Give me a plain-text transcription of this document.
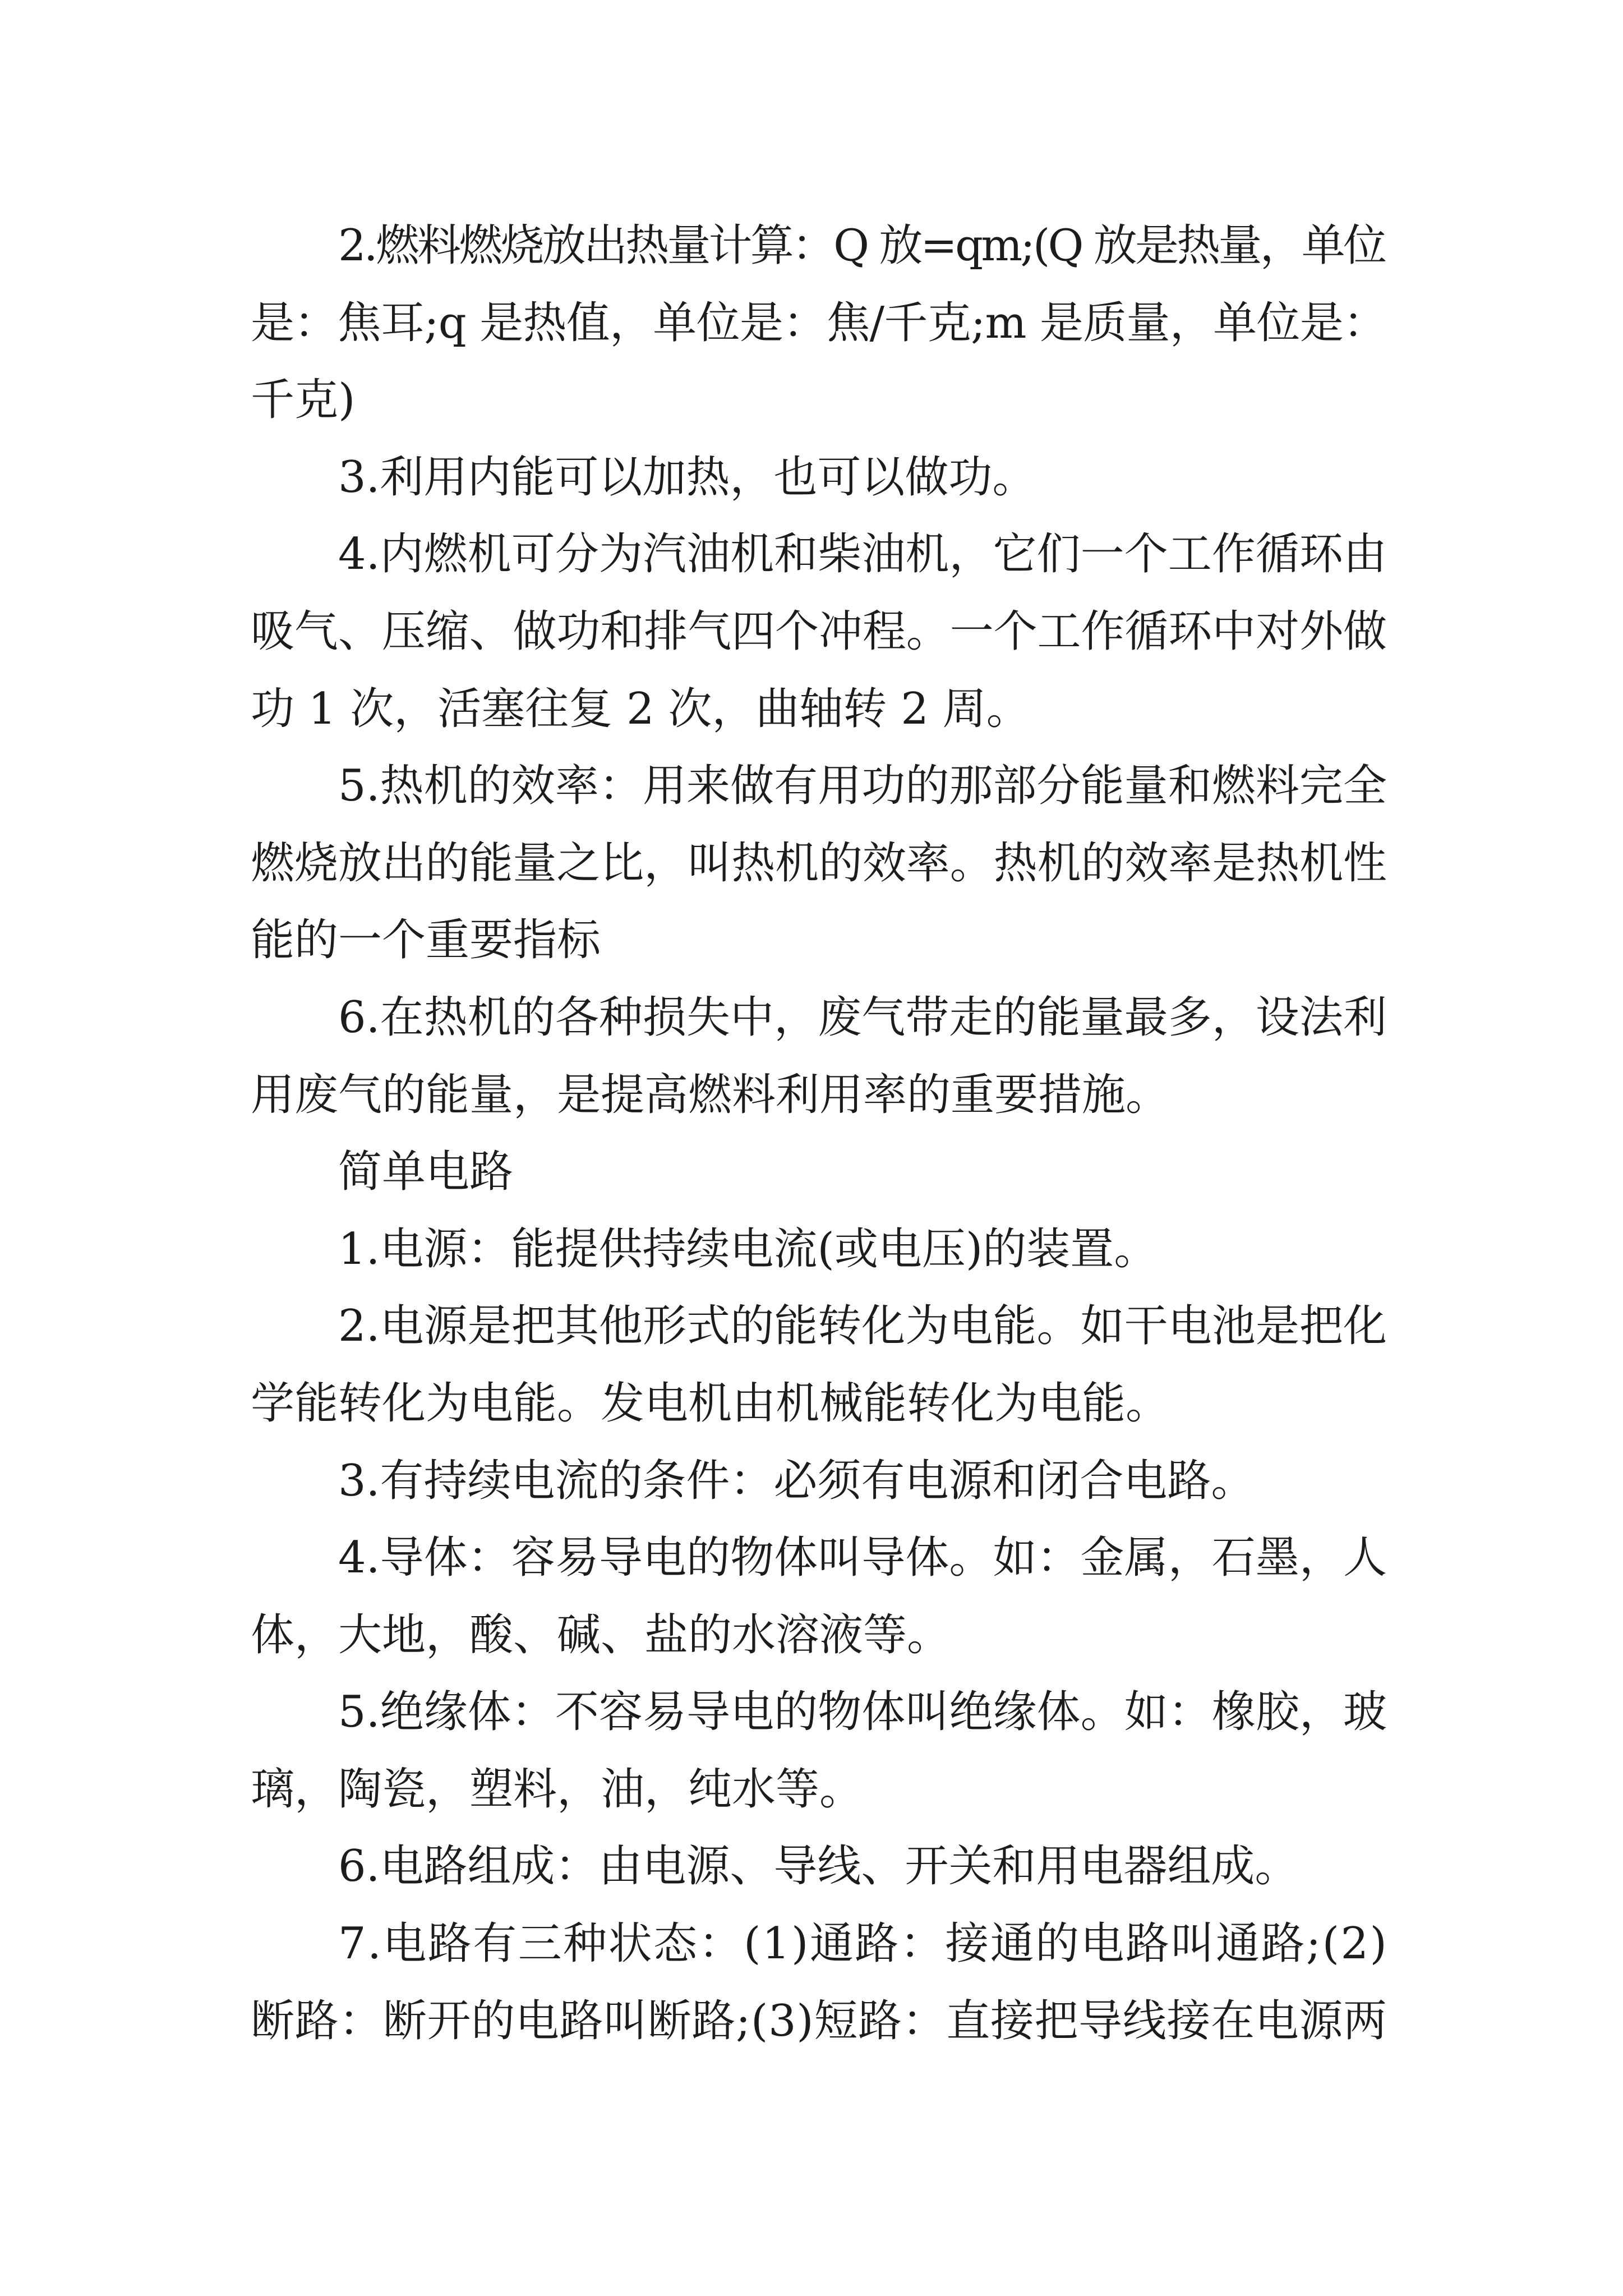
2.燃料燃烧放出热量计算：Q 放=qm;(Q 放是热量，单位
是：焦耳;q 是热值，单位是：焦/千克;m 是质量，单位是：
千克)
3.利用内能可以加热，也可以做功。
4.内燃机可分为汽油机和柴油机，它们一个工作循环由
吸气、压缩、做功和排气四个冲程。一个工作循环中对外做
功 1 次，活塞往复 2 次，曲轴转 2 周。
5.热机的效率：用来做有用功的那部分能量和燃料完全
燃烧放出的能量之比，叫热机的效率。热机的效率是热机性
能的一个重要指标
6.在热机的各种损失中，废气带走的能量最多，设法利
用废气的能量，是提高燃料利用率的重要措施。
简单电路
1.电源：能提供持续电流(或电压)的装置。
2.电源是把其他形式的能转化为电能。如干电池是把化
学能转化为电能。发电机由机械能转化为电能。
3.有持续电流的条件：必须有电源和闭合电路。
4.导体：容易导电的物体叫导体。如：金属，石墨，人
体，大地，酸、碱、盐的水溶液等。
5.绝缘体：不容易导电的物体叫绝缘体。如：橡胶，玻
璃，陶瓷，塑料，油，纯水等。
6.电路组成：由电源、导线、开关和用电器组成。
7.电路有三种状态：(1)通路：接通的电路叫通路;(2)
断路：断开的电路叫断路;(3)短路：直接把导线接在电源两
